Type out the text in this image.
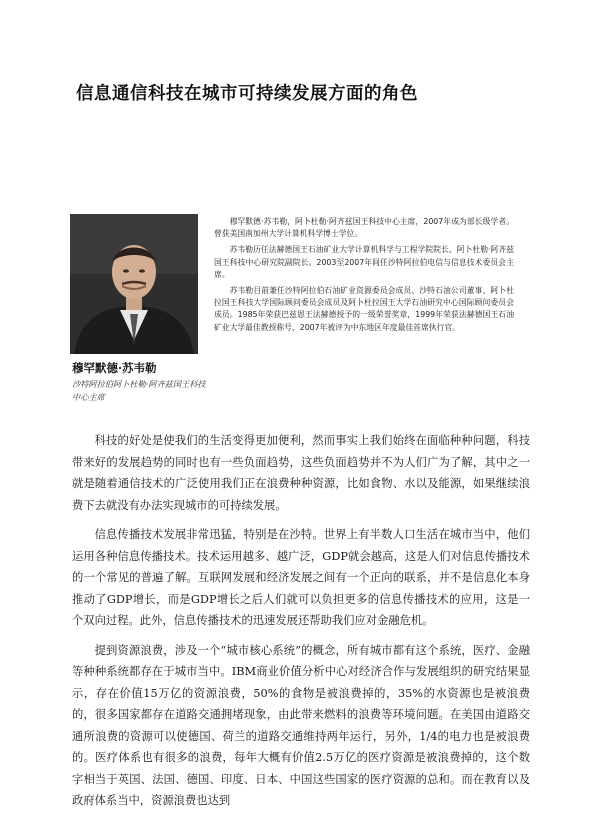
信息通信科技在城市可持续发展方面的角色

穆罕默德·苏韦勒

沙特阿拉伯阿卜杜勒·阿齐兹国王科技中心主席

穆罕默德·苏韦勒，阿卜杜勒·阿齐兹国王科技中心主席，2007年成为部长级学者。曾获美国南加州大学计算机科学博士学位。

苏韦勒历任法赫德国王石油矿业大学计算机科学与工程学院院长、阿卜杜勒·阿齐兹国王科技中心研究院副院长。2003至2007年间任沙特阿拉伯电信与信息技术委员会主席。

苏韦勒目前兼任沙特阿拉伯石油矿业资源委员会成员、沙特石油公司董事、阿卜杜拉国王科技大学国际顾问委员会成员及阿卜杜拉国王大学石油研究中心国际顾问委员会成员。1985年荣获巴兹恩王法赫德授予的一级荣誉奖章，1999年荣获法赫德国王石油矿业大学最佳教授称号，2007年被评为中东地区年度最佳首席执行官。

科技的好处是使我们的生活变得更加便利，然而事实上我们始终在面临种种问题，科技带来好的发展趋势的同时也有一些负面趋势，这些负面趋势并不为人们广为了解，其中之一就是随着通信技术的广泛使用我们正在浪费种种资源，比如食物、水以及能源，如果继续浪费下去就没有办法实现城市的可持续发展。

信息传播技术发展非常迅猛，特别是在沙特。世界上有半数人口生活在城市当中，他们运用各种信息传播技术。技术运用越多、越广泛，GDP就会越高，这是人们对信息传播技术的一个常见的普遍了解。互联网发展和经济发展之间有一个正向的联系，并不是信息化本身推动了GDP增长，而是GDP增长之后人们就可以负担更多的信息传播技术的应用，这是一个双向过程。此外，信息传播技术的迅速发展还帮助我们应对金融危机。

提到资源浪费，涉及一个“城市核心系统”的概念，所有城市都有这个系统，医疗、金融等种种系统都存在于城市当中。IBM商业价值分析中心对经济合作与发展组织的研究结果显示，存在价值15万亿的资源浪费，50%的食物是被浪费掉的，35%的水资源也是被浪费的，很多国家都存在道路交通拥堵现象，由此带来燃料的浪费等环境问题。在美国由道路交通所浪费的资源可以使德国、荷兰的道路交通维持两年运行，另外，1/4的电力也是被浪费的。医疗体系也有很多的浪费，每年大概有价值2.5万亿的医疗资源是被浪费掉的，这个数字相当于英国、法国、德国、印度、日本、中国这些国家的医疗资源的总和。而在教育以及政府体系当中，资源浪费也达到
